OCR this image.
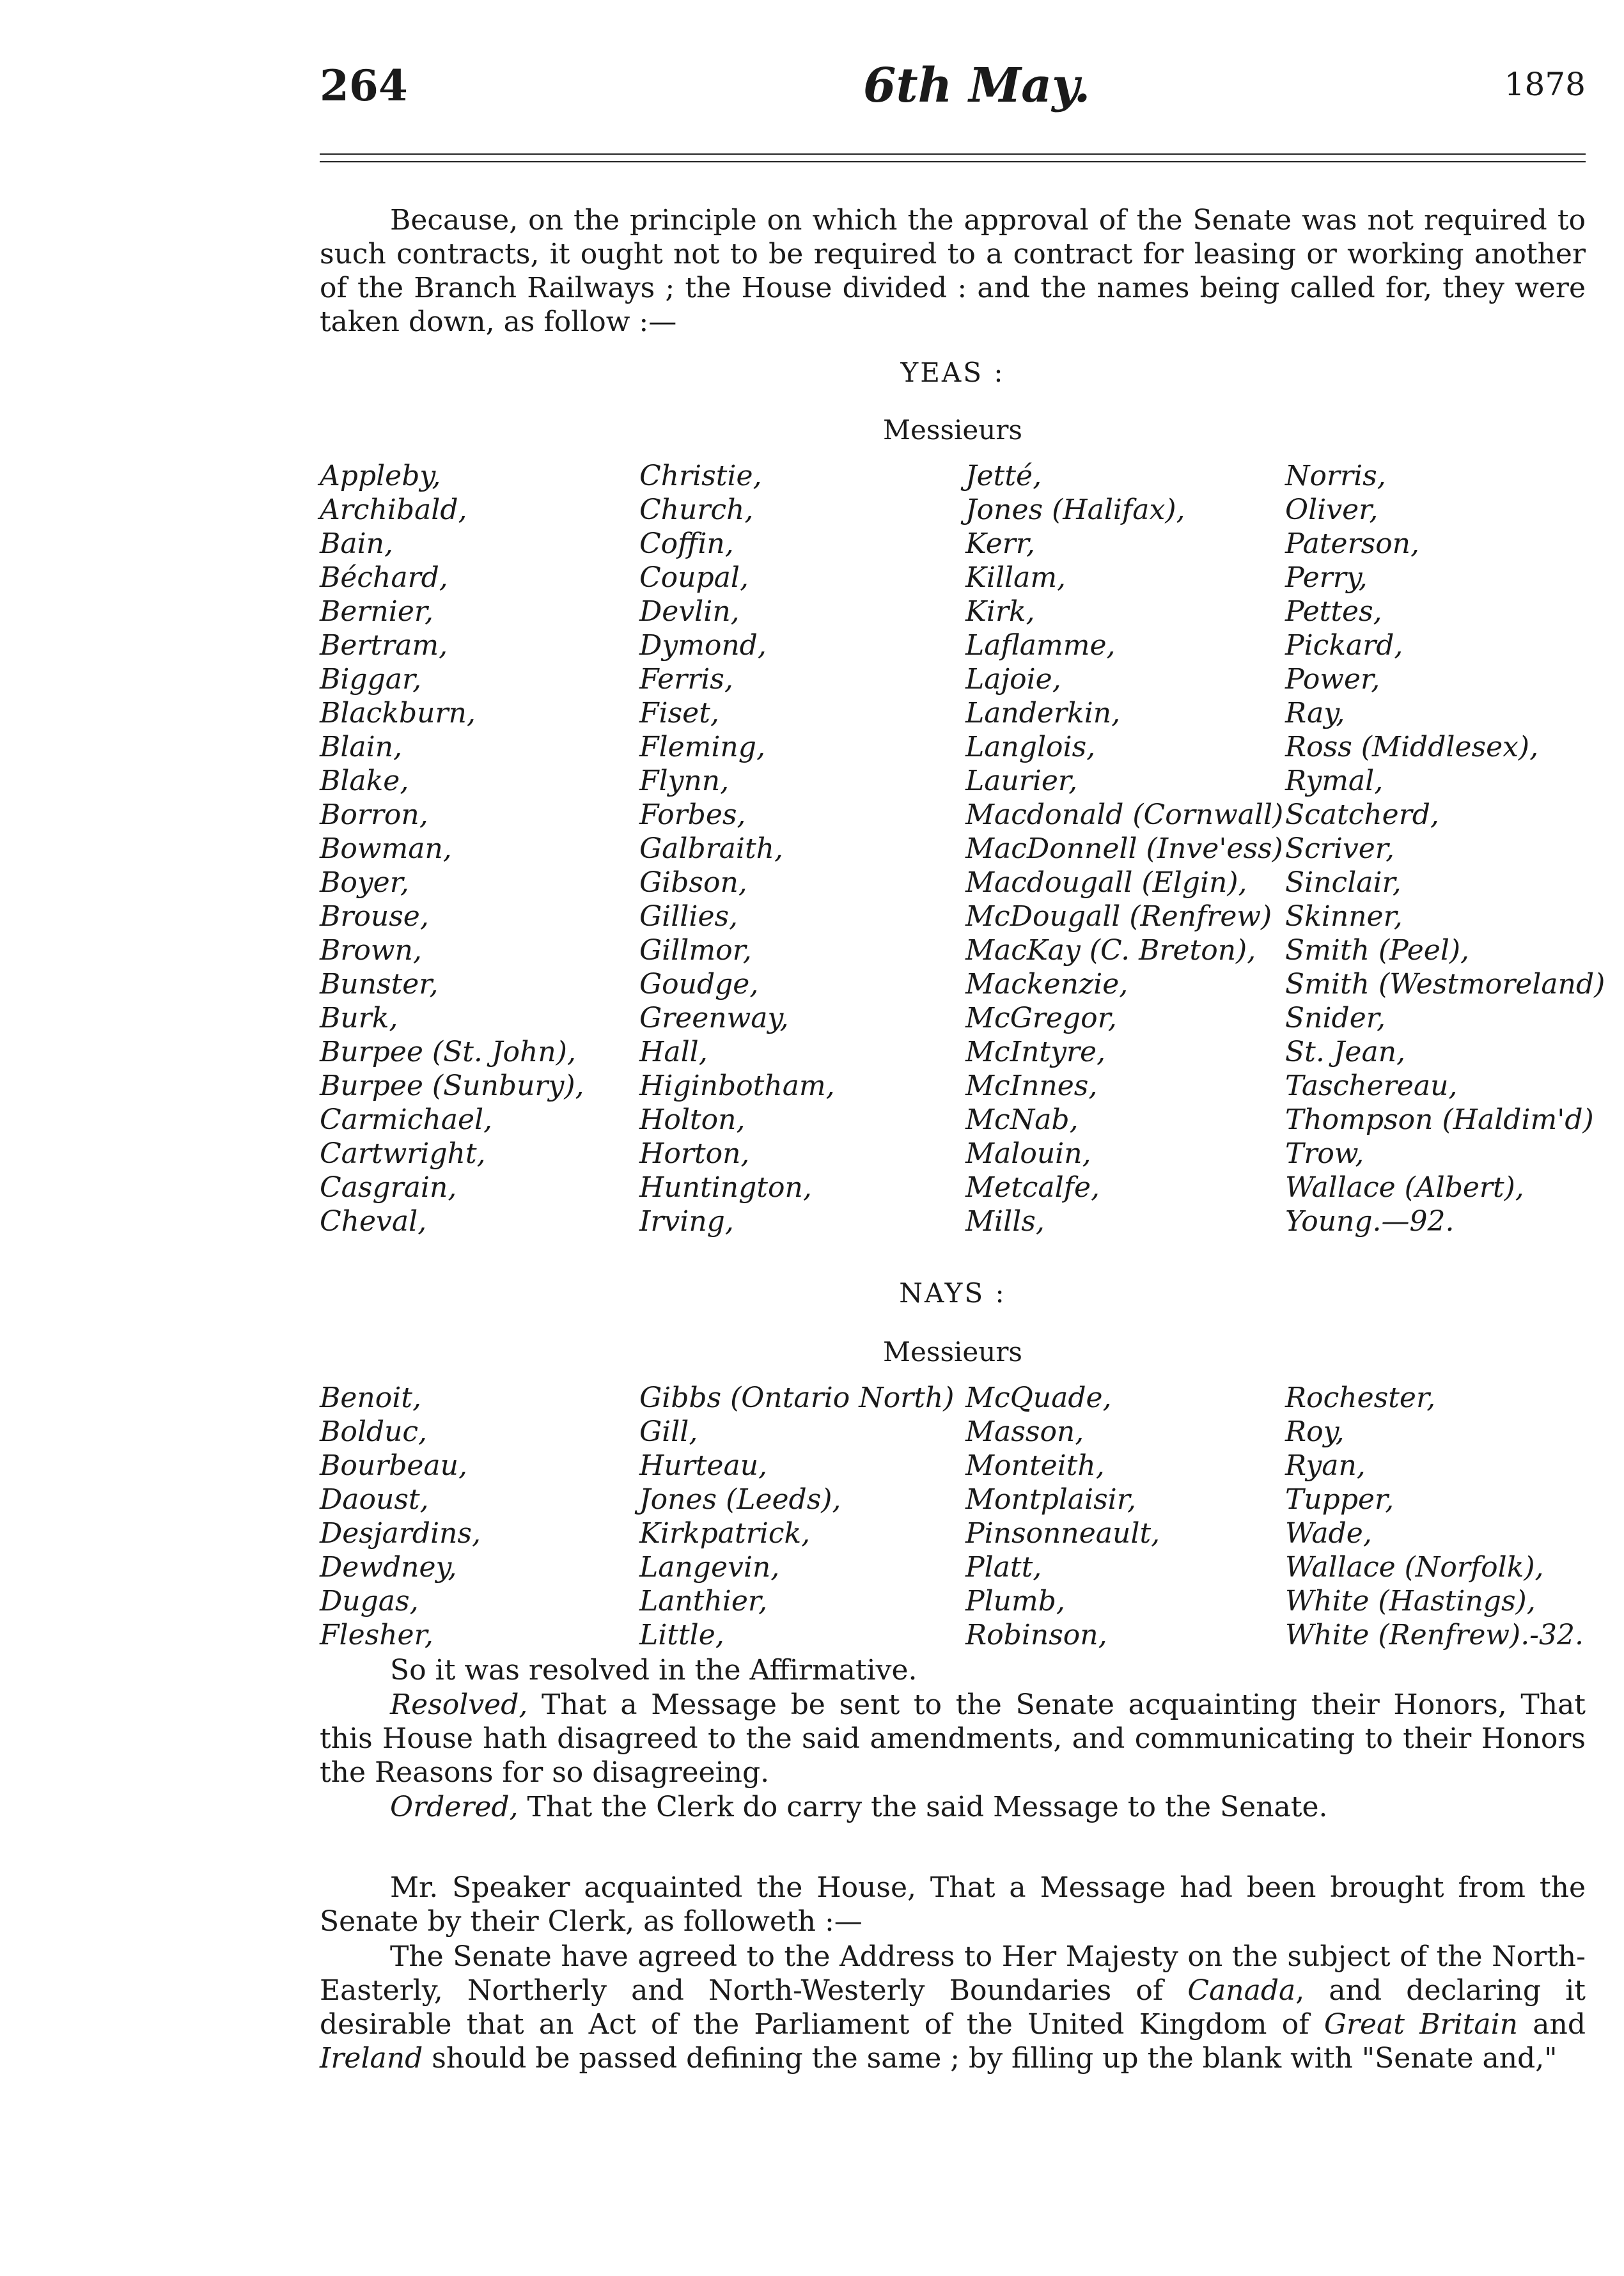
264	6th May.	1878
Because, on the principle on which the approval of the Senate was not required to such contracts, it ought not to be required to a contract for leasing or working another of the Branch Railways ; the House divided : and the names being called for, they were taken down, as follow :—
YEAS :
Messieurs
Appleby,
Archibald,
Bain,
Béchard,
Bernier,
Bertram,
Biggar,
Blackburn,
Blain,
Blake,
Borron,
Bowman,
Boyer,
Brouse,
Brown,
Bunster,
Burk,
Burpee (St. John),
Burpee (Sunbury),
Carmichael,
Cartwright,
Casgrain,
Cheval,
Christie,
Church,
Coffin,
Coupal,
Devlin,
Dymond,
Ferris,
Fiset,
Fleming,
Flynn,
Forbes,
Galbraith,
Gibson,
Gillies,
Gillmor,
Goudge,
Greenway,
Hall,
Higinbotham,
Holton,
Horton,
Huntington,
Irving,
Jetté,
Jones (Halifax),
Kerr,
Killam,
Kirk,
Laflamme,
Lajoie,
Landerkin,
Langlois,
Laurier,
Macdonald (Cornwall)
MacDonnell (Inve'ess)
Macdougall (Elgin),
McDougall (Renfrew)
MacKay (C. Breton),
Mackenzie,
McGregor,
McIntyre,
McInnes,
McNab,
Malouin,
Metcalfe,
Mills,
Norris,
Oliver,
Paterson,
Perry,
Pettes,
Pickard,
Power,
Ray,
Ross (Middlesex),
Rymal,
Scatcherd,
Scriver,
Sinclair,
Skinner,
Smith (Peel),
Smith (Westmoreland)
Snider,
St. Jean,
Taschereau,
Thompson (Haldim'd)
Trow,
Wallace (Albert),
Young.—92.
NAYS :
Messieurs
Benoit,
Bolduc,
Bourbeau,
Daoust,
Desjardins,
Dewdney,
Dugas,
Flesher,
Gibbs (Ontario North)
Gill,
Hurteau,
Jones (Leeds),
Kirkpatrick,
Langevin,
Lanthier,
Little,
McQuade,
Masson,
Monteith,
Montplaisir,
Pinsonneault,
Platt,
Plumb,
Robinson,
Rochester,
Roy,
Ryan,
Tupper,
Wade,
Wallace (Norfolk),
White (Hastings),
White (Renfrew).-32.
So it was resolved in the Affirmative.
Resolved, That a Message be sent to the Senate acquainting their Honors, That this House hath disagreed to the said amendments, and communicating to their Honors the Reasons for so disagreeing.
Ordered, That the Clerk do carry the said Message to the Senate.
Mr. Speaker acquainted the House, That a Message had been brought from the Senate by their Clerk, as followeth :—
The Senate have agreed to the Address to Her Majesty on the subject of the North-Easterly, Northerly and North-Westerly Boundaries of Canada, and declaring it desirable that an Act of the Parliament of the United Kingdom of Great Britain and Ireland should be passed defining the same ; by filling up the blank with "Senate and,"
